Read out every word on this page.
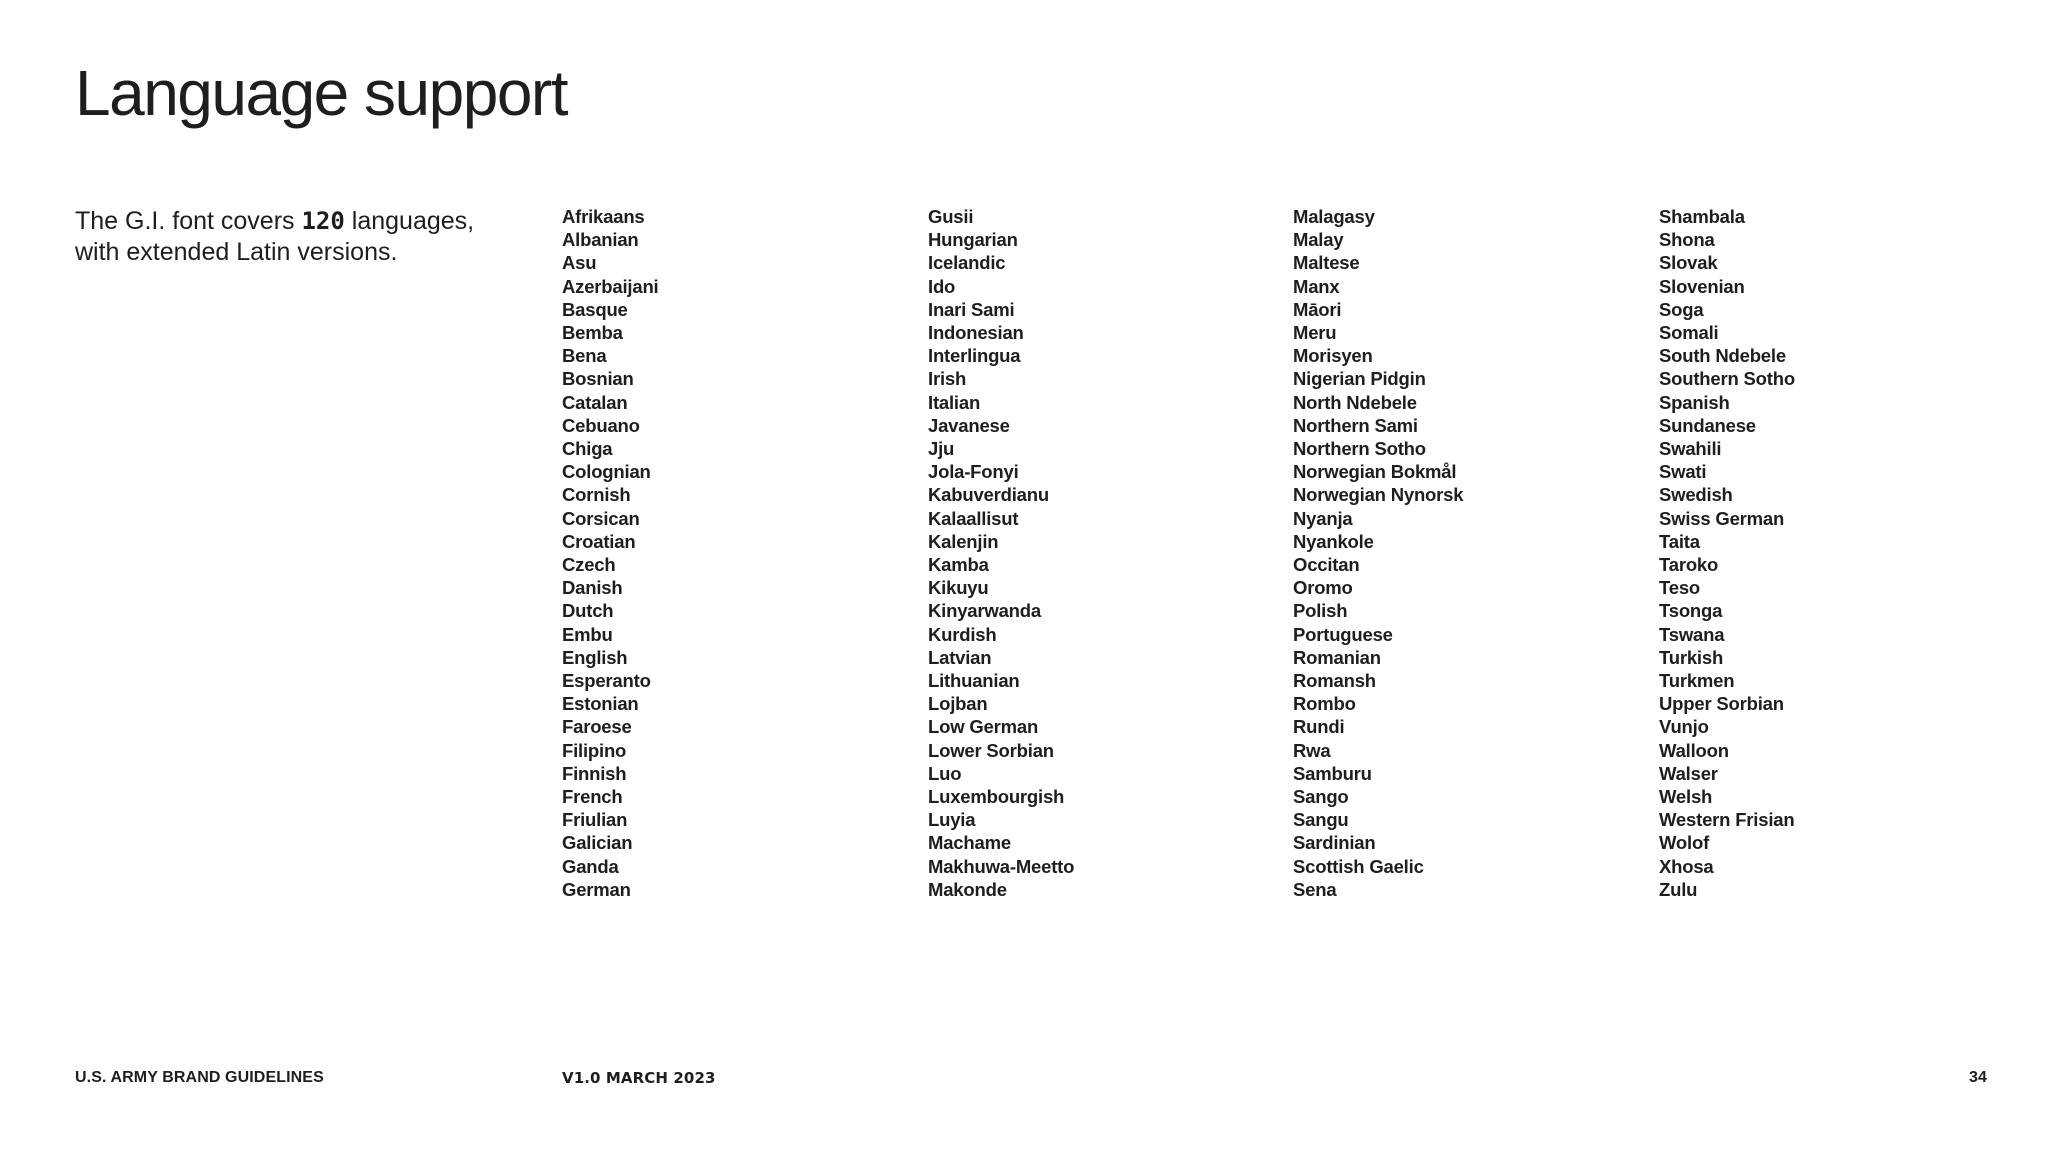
Language support

The G.I. font covers 120 languages, with extended Latin versions.

Afrikaans
Albanian
Asu
Azerbaijani
Basque
Bemba
Bena
Bosnian
Catalan
Cebuano
Chiga
Colognian
Cornish
Corsican
Croatian
Czech
Danish
Dutch
Embu
English
Esperanto
Estonian
Faroese
Filipino
Finnish
French
Friulian
Galician
Ganda
German
Gusii
Hungarian
Icelandic
Ido
Inari Sami
Indonesian
Interlingua
Irish
Italian
Javanese
Jju
Jola-Fonyi
Kabuverdianu
Kalaallisut
Kalenjin
Kamba
Kikuyu
Kinyarwanda
Kurdish
Latvian
Lithuanian
Lojban
Low German
Lower Sorbian
Luo
Luxembourgish
Luyia
Machame
Makhuwa-Meetto
Makonde
Malagasy
Malay
Maltese
Manx
Māori
Meru
Morisyen
Nigerian Pidgin
North Ndebele
Northern Sami
Northern Sotho
Norwegian Bokmål
Norwegian Nynorsk
Nyanja
Nyankole
Occitan
Oromo
Polish
Portuguese
Romanian
Romansh
Rombo
Rundi
Rwa
Samburu
Sango
Sangu
Sardinian
Scottish Gaelic
Sena
Shambala
Shona
Slovak
Slovenian
Soga
Somali
South Ndebele
Southern Sotho
Spanish
Sundanese
Swahili
Swati
Swedish
Swiss German
Taita
Taroko
Teso
Tsonga
Tswana
Turkish
Turkmen
Upper Sorbian
Vunjo
Walloon
Walser
Welsh
Western Frisian
Wolof
Xhosa
Zulu
U.S. ARMY BRAND GUIDELINES	V1.0 MARCH 2023	34
